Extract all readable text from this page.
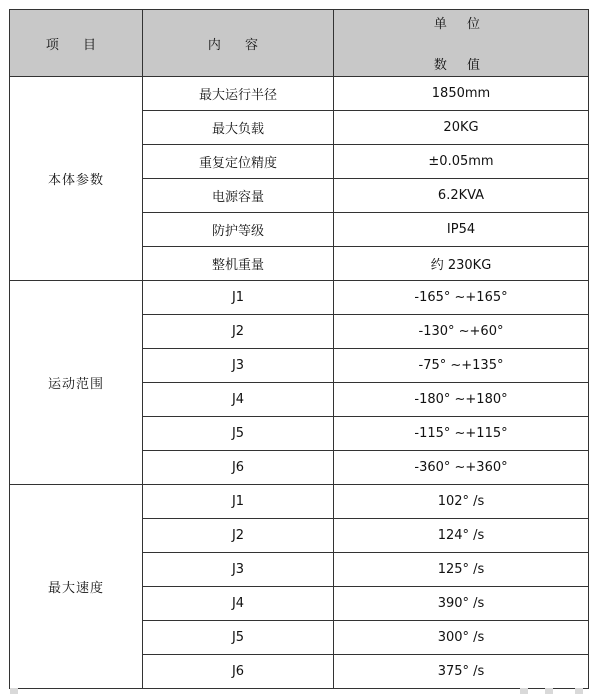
项 目	内 容	单 位
数 值

本体参数	最大运行半径	1850mm
	最大负载	20KG
	重复定位精度	±0.05mm
	电源容量	6.2KVA
	防护等级	IP54
	整机重量	约 230KG
运动范围	J1	-165° ~+165°
	J2	-130° ~+60°
	J3	-75° ~+135°
	J4	-180° ~+180°
	J5	-115° ~+115°
	J6	-360° ~+360°
最大速度	J1	102° /s
	J2	124° /s
	J3	125° /s
	J4	390° /s
	J5	300° /s
	J6	375° /s
